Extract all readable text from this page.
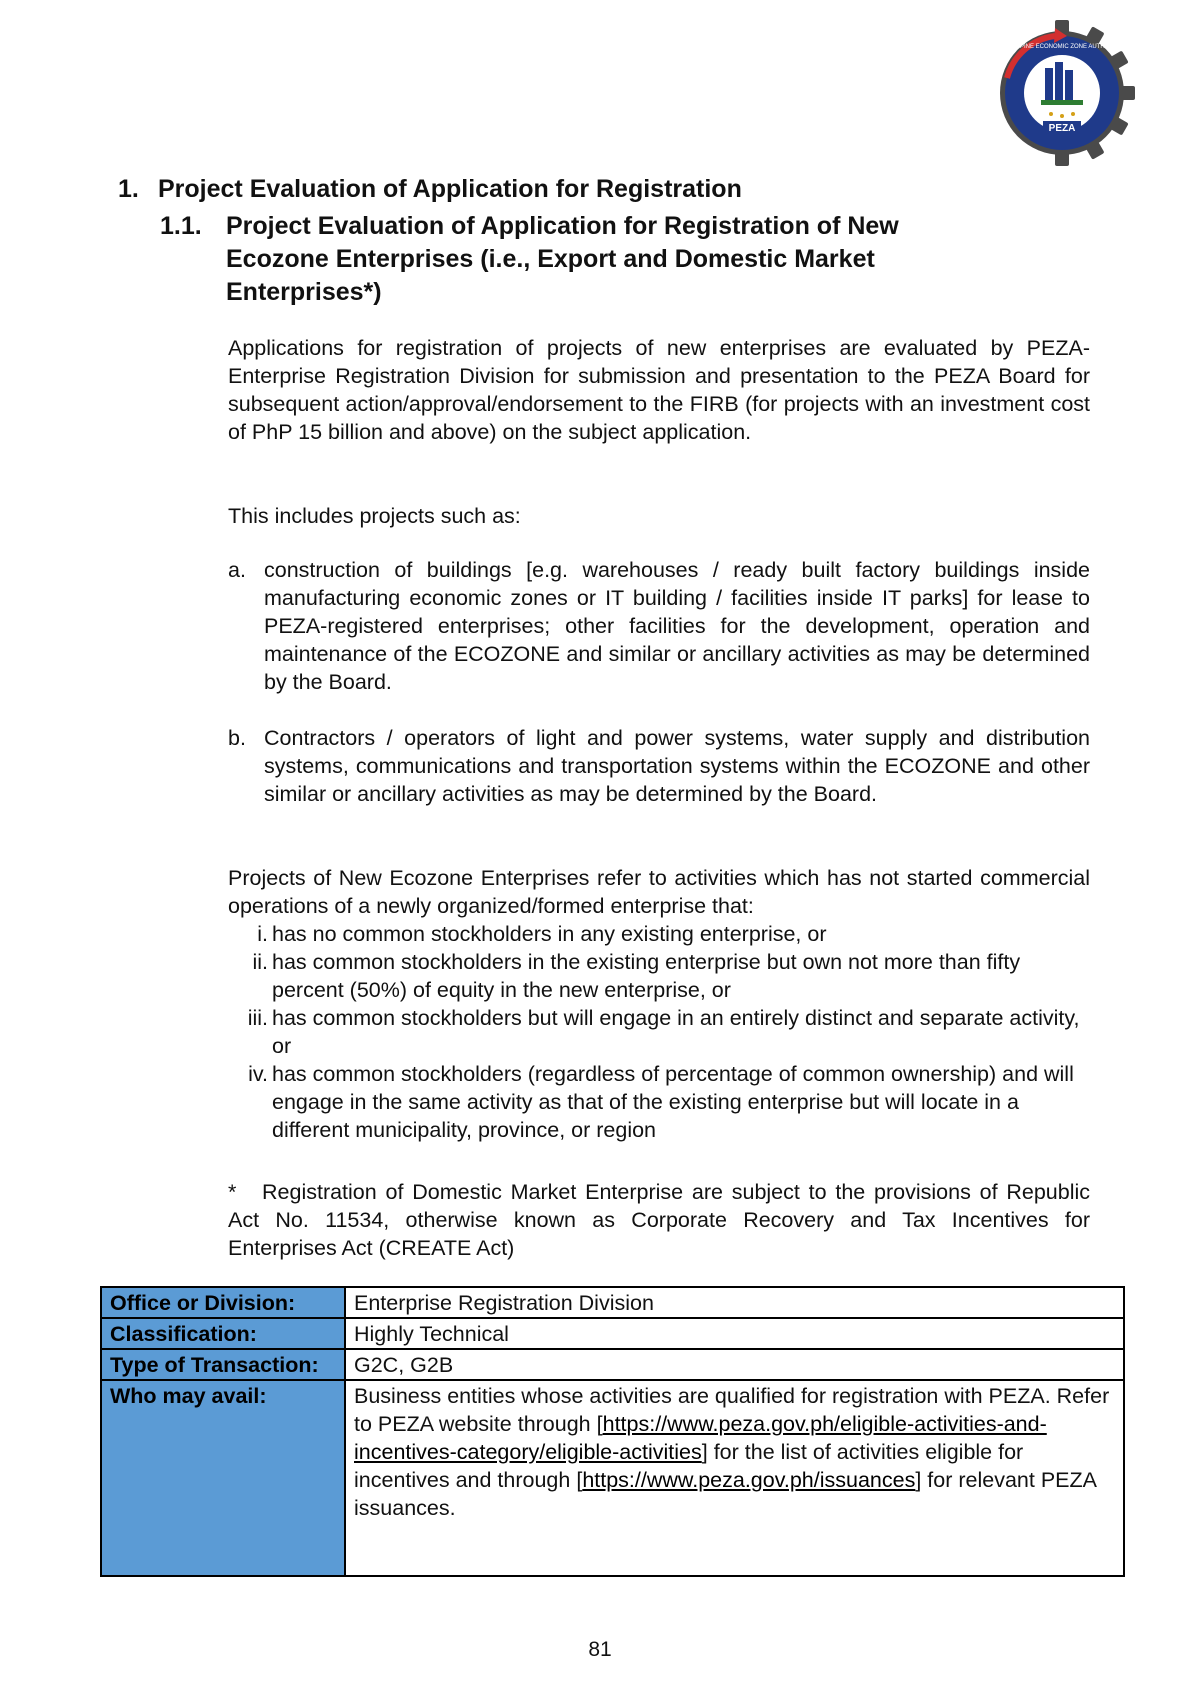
PEZA
PHILIPPINE ECONOMIC ZONE AUTHORITY
1. Project Evaluation of Application for Registration
1.1. Project Evaluation of Application for Registration of New Ecozone Enterprises (i.e., Export and Domestic Market Enterprises*)
Applications for registration of projects of new enterprises are evaluated by PEZA-Enterprise Registration Division for submission and presentation to the PEZA Board for subsequent action/approval/endorsement to the FIRB (for projects with an investment cost of PhP 15 billion and above) on the subject application.
This includes projects such as:
a. construction of buildings [e.g. warehouses / ready built factory buildings inside manufacturing economic zones or IT building / facilities inside IT parks] for lease to PEZA-registered enterprises; other facilities for the development, operation and maintenance of the ECOZONE and similar or ancillary activities as may be determined by the Board.
b. Contractors / operators of light and power systems, water supply and distribution systems, communications and transportation systems within the ECOZONE and other similar or ancillary activities as may be determined by the Board.
Projects of New Ecozone Enterprises refer to activities which has not started commercial operations of a newly organized/formed enterprise that:
i. has no common stockholders in any existing enterprise, or
ii. has common stockholders in the existing enterprise but own not more than fifty percent (50%) of equity in the new enterprise, or
iii. has common stockholders but will engage in an entirely distinct and separate activity, or
iv. has common stockholders (regardless of percentage of common ownership) and will engage in the same activity as that of the existing enterprise but will locate in a different municipality, province, or region
* Registration of Domestic Market Enterprise are subject to the provisions of Republic Act No. 11534, otherwise known as Corporate Recovery and Tax Incentives for Enterprises Act (CREATE Act)
Office or Division:	Enterprise Registration Division
Classification:	Highly Technical
Type of Transaction:	G2C, G2B
Who may avail:	Business entities whose activities are qualified for registration with PEZA. Refer to PEZA website through [https://www.peza.gov.ph/eligible-activities-and-incentives-category/eligible-activities] for the list of activities eligible for incentives and through [https://www.peza.gov.ph/issuances] for relevant PEZA issuances.
81
